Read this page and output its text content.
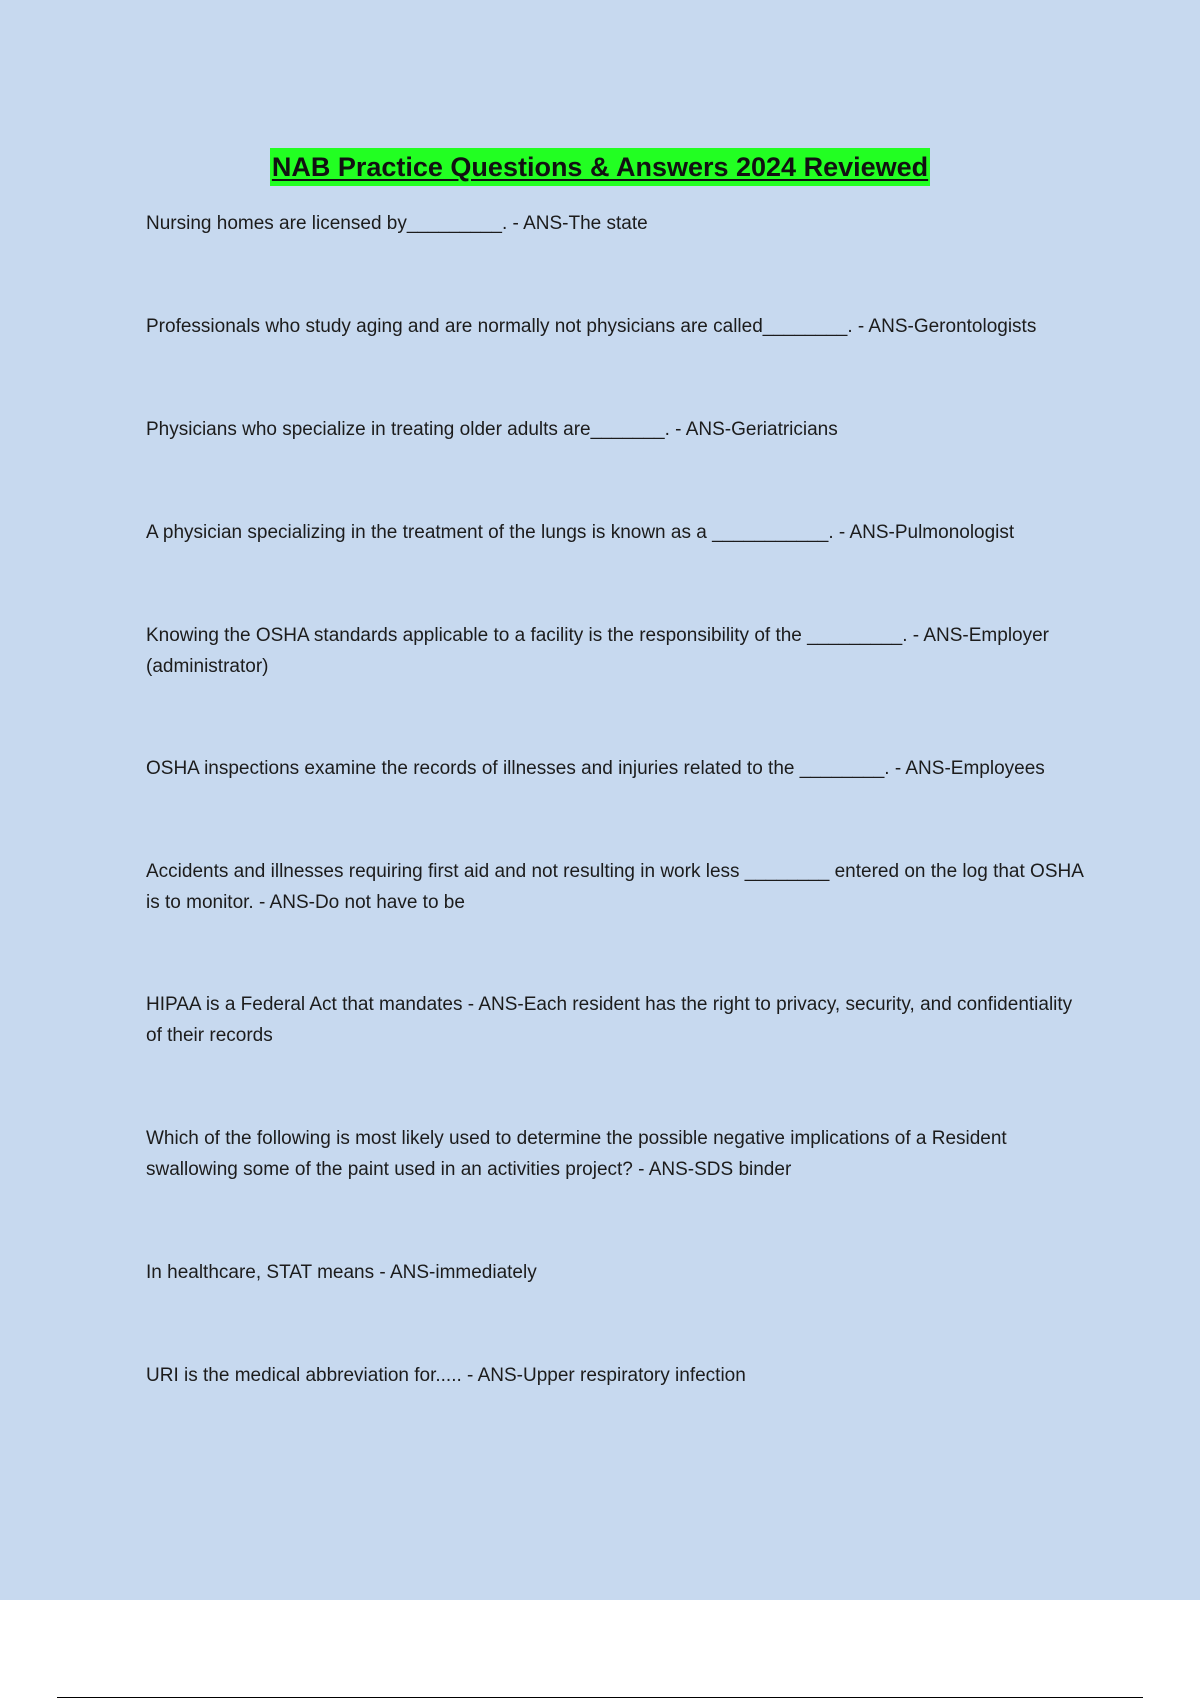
NAB Practice Questions & Answers 2024 Reviewed

Nursing homes are licensed by_________. - ANS-The state

Professionals who study aging and are normally not physicians are called________. - ANS-Gerontologists

Physicians who specialize in treating older adults are_______. - ANS-Geriatricians

A physician specializing in the treatment of the lungs is known as a ___________. - ANS-Pulmonologist

Knowing the OSHA standards applicable to a facility is the responsibility of the _________. - ANS-Employer (administrator)

OSHA inspections examine the records of illnesses and injuries related to the ________. - ANS-Employees

Accidents and illnesses requiring first aid and not resulting in work less ________ entered on the log that OSHA is to monitor. - ANS-Do not have to be

HIPAA is a Federal Act that mandates - ANS-Each resident has the right to privacy, security, and confidentiality of their records

Which of the following is most likely used to determine the possible negative implications of a Resident swallowing some of the paint used in an activities project? - ANS-SDS binder

In healthcare, STAT means - ANS-immediately

URI is the medical abbreviation for..... - ANS-Upper respiratory infection
